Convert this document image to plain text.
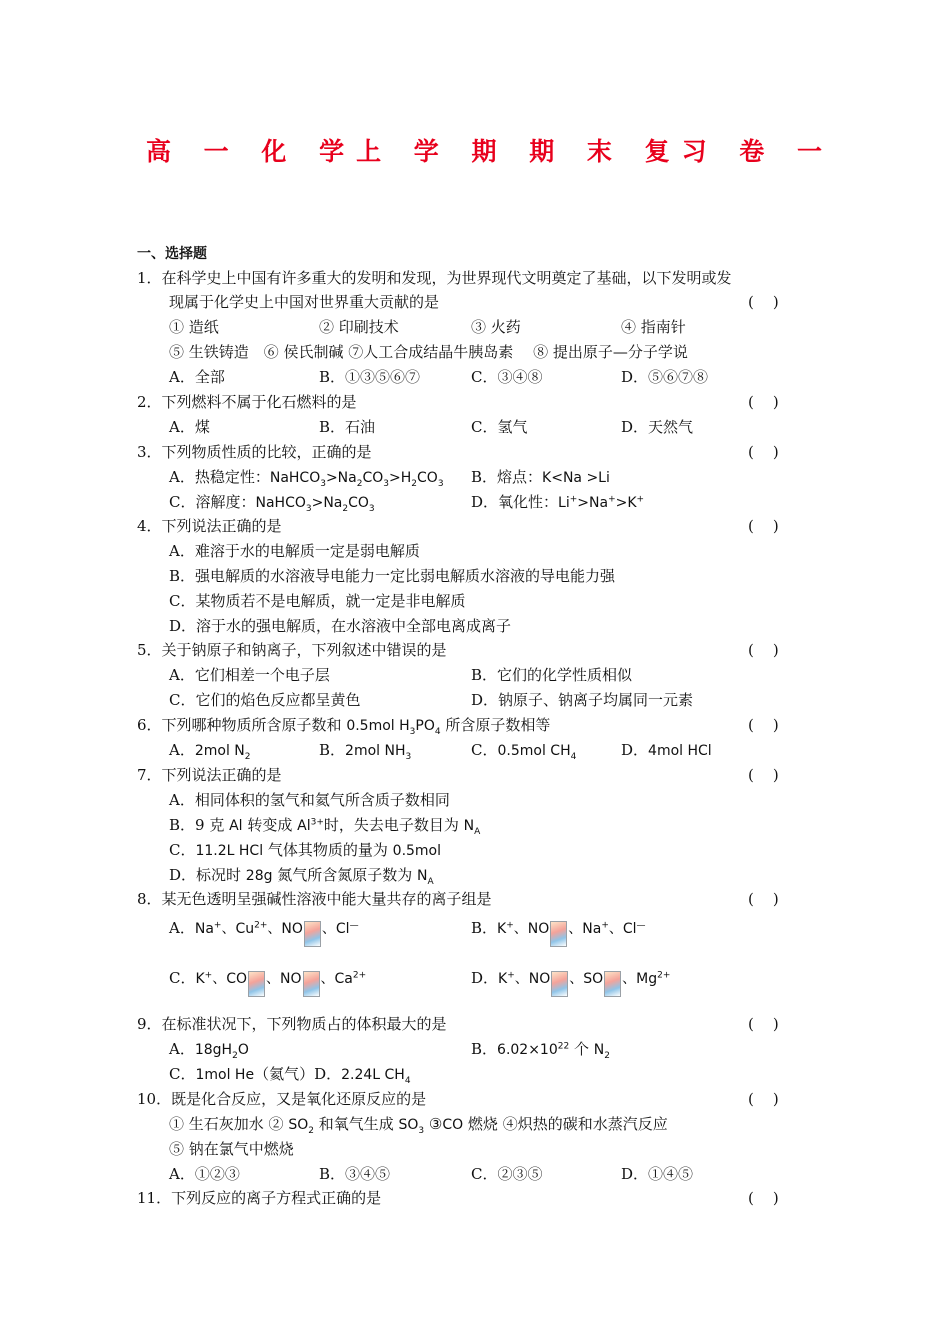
高 一 化 学上 学 期 期 末 复习 卷 一
一、选择题
1．在科学史上中国有许多重大的发明和发现，为世界现代文明奠定了基础，以下发明或发
现属于化学史上中国对世界重大贡献的是	(    )
① 造纸	② 印刷技术	③ 火药	④ 指南针
⑤ 生铁铸造　⑥ 侯氏制碱 ⑦人工合成结晶牛胰岛素　 ⑧ 提出原子—分子学说
A．全部	B．①③⑤⑥⑦	C．③④⑧	D．⑤⑥⑦⑧
2．下列燃料不属于化石燃料的是	(    )
A．煤	B．石油	C．氢气	D．天然气
3．下列物质性质的比较，正确的是	(    )
A．热稳定性：$NaHCO_3>Na_2CO_3>H_2CO_3$ B．熔点：K<Na >Li
C．溶解度：$NaHCO_3>Na_2CO_3$	D．氧化性：Li+>Na+>K+
4．下列说法正确的是	(    )
A．难溶于水的电解质一定是弱电解质
B．强电解质的水溶液导电能力一定比弱电解质水溶液的导电能力强
C．某物质若不是电解质，就一定是非电解质
D．溶于水的强电解质，在水溶液中全部电离成离子
5．关于钠原子和钠离子，下列叙述中错误的是	(    )
A．它们相差一个电子层	B．它们的化学性质相似
C．它们的焰色反应都呈黄色	D．钠原子、钠离子均属同一元素
6．下列哪种物质所含原子数和 0.5mol $H_3PO_4$ 所含原子数相等	(    )
A．2mol $N_2$	B．2mol $NH_3$	C．0.5mol $CH_4$	D．4mol HCl
7．下列说法正确的是	(    )
A．相同体积的氢气和氦气所含质子数相同
B．9 克 Al 转变成 $Al^{3+}$时，失去电子数目为 $N_A$
C．11.2L HCl 气体其物质的量为 0.5mol
D．标况时 28g 氮气所含氮原子数为 $N_A$
8．某无色透明呈强碱性溶液中能大量共存的离子组是	(    )
A．Na+、$Cu^{2+}$、NO 、Cl—	B．K+、NO 、Na+、Cl—
C．K+、CO 、NO 、$Ca^{2+}$	D．K+、NO 、SO 、$Mg^{2+}$
9．在标准状况下，下列物质占的体积最大的是	(    )
A．$18gH_2O$	B．$6.02\times 10^{22}$ 个 $N_2$
C．1mol He（氦气）D．2.24L $CH_4$
10．既是化合反应，又是氧化还原反应的是	(    )
① 生石灰加水 ② $SO_2$ 和氧气生成 $SO_3$ ③CO 燃烧 ④炽热的碳和水蒸汽反应
⑤ 钠在氯气中燃烧
A．①②③	B．③④⑤	C．②③⑤	D．①④⑤
11．下列反应的离子方程式正确的是	(    )
